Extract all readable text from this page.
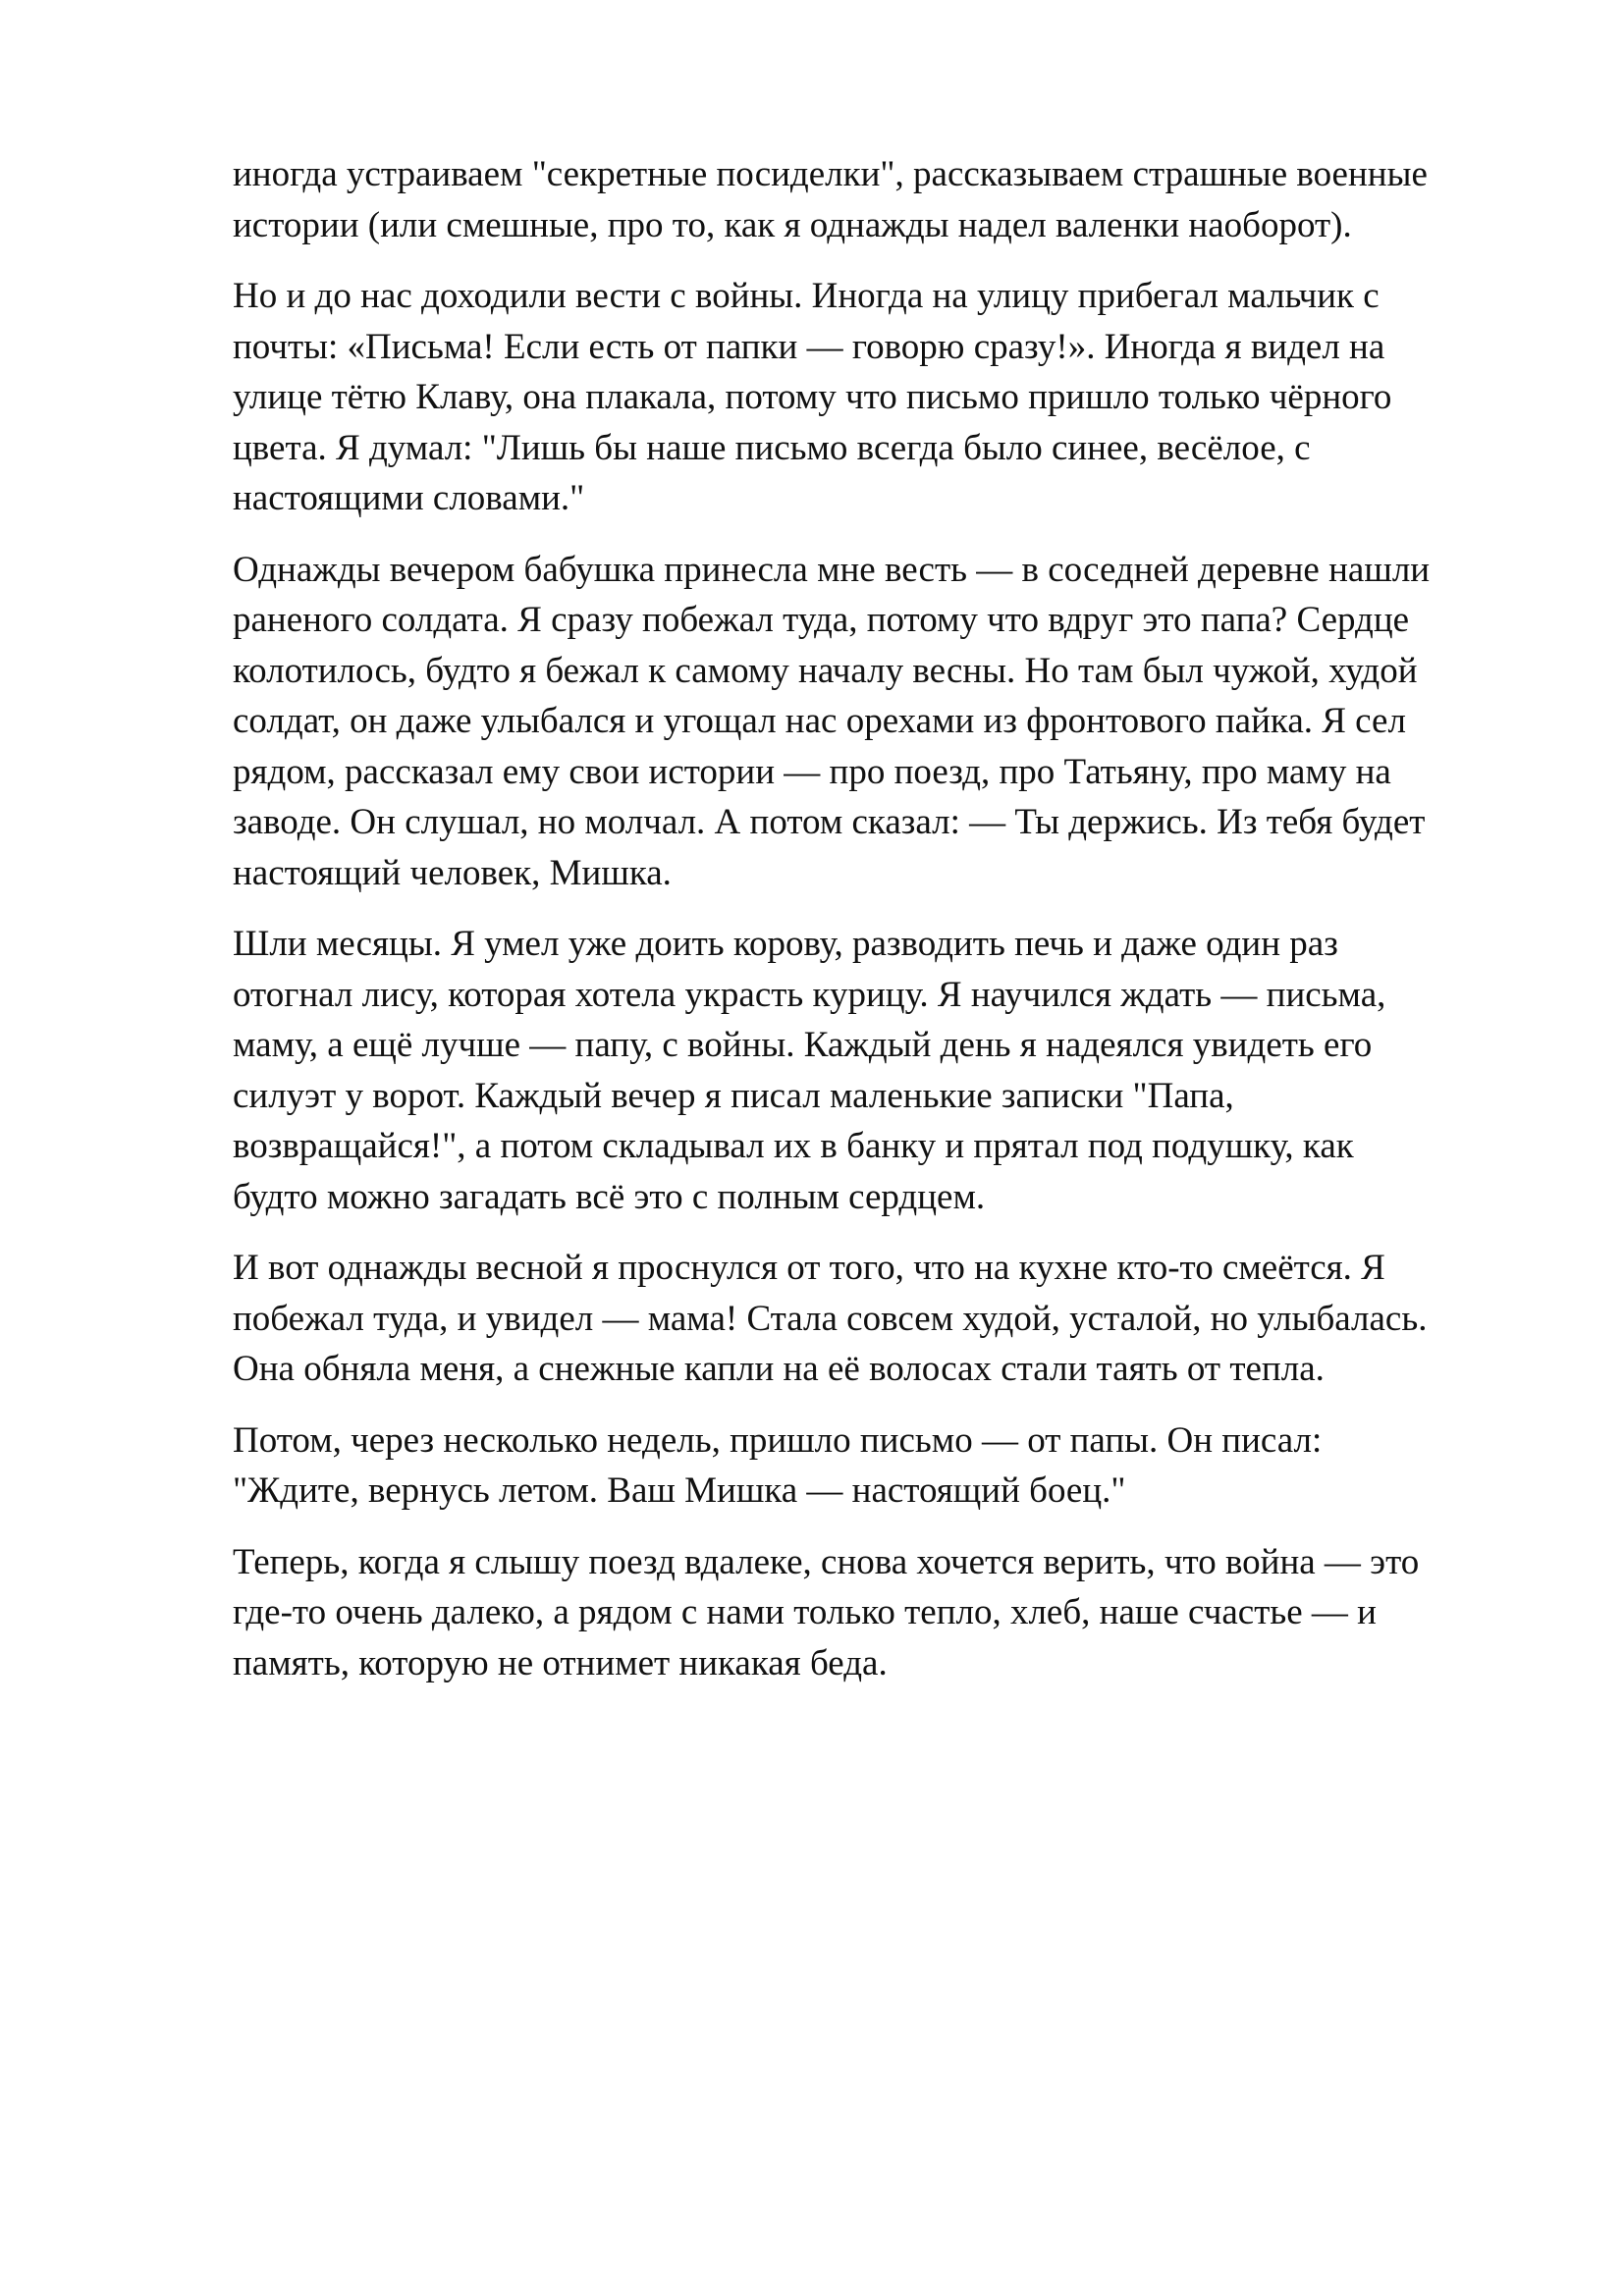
иногда устраиваем "секретные посиделки", рассказываем страшные военные
истории (или смешные, про то, как я однажды надел валенки наоборот).

Но и до нас доходили вести с войны. Иногда на улицу прибегал мальчик с
почты: «Письма! Если есть от папки — говорю сразу!». Иногда я видел на
улице тётю Клаву, она плакала, потому что письмо пришло только чёрного
цвета. Я думал: "Лишь бы наше письмо всегда было синее, весёлое, с
настоящими словами."

Однажды вечером бабушка принесла мне весть — в соседней деревне нашли
раненого солдата. Я сразу побежал туда, потому что вдруг это папа? Сердце
колотилось, будто я бежал к самому началу весны. Но там был чужой, худой
солдат, он даже улыбался и угощал нас орехами из фронтового пайка. Я сел
рядом, рассказал ему свои истории — про поезд, про Татьяну, про маму на
заводе. Он слушал, но молчал. А потом сказал: — Ты держись. Из тебя будет
настоящий человек, Мишка.

Шли месяцы. Я умел уже доить корову, разводить печь и даже один раз
отогнал лису, которая хотела украсть курицу. Я научился ждать — письма,
маму, а ещё лучше — папу, с войны. Каждый день я надеялся увидеть его
силуэт у ворот. Каждый вечер я писал маленькие записки "Папа,
возвращайся!", а потом складывал их в банку и прятал под подушку, как
будто можно загадать всё это с полным сердцем.

И вот однажды весной я проснулся от того, что на кухне кто-то смеётся. Я
побежал туда, и увидел — мама! Стала совсем худой, усталой, но улыбалась.
Она обняла меня, а снежные капли на её волосах стали таять от тепла.

Потом, через несколько недель, пришло письмо — от папы. Он писал:
"Ждите, вернусь летом. Ваш Мишка — настоящий боец."

Теперь, когда я слышу поезд вдалеке, снова хочется верить, что война — это
где-то очень далеко, а рядом с нами только тепло, хлеб, наше счастье — и
память, которую не отнимет никакая беда.
